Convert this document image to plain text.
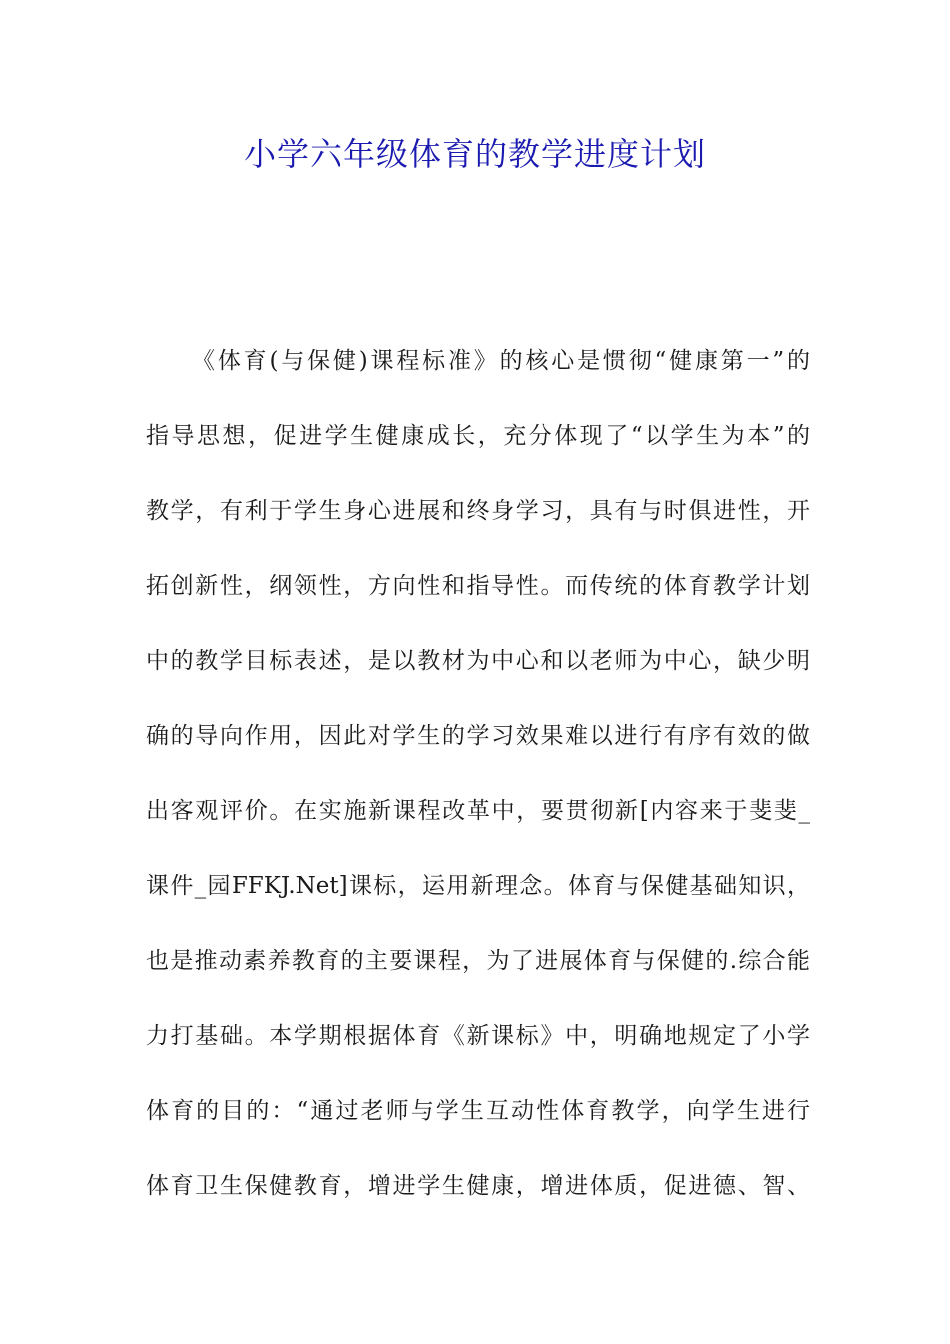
小学六年级体育的教学进度计划
《体育(与保健)课程标准》的核心是惯彻“健康第一”的
指导思想，促进学生健康成长，充分体现了“以学生为本”的
教学，有利于学生身心进展和终身学习，具有与时俱进性，开
拓创新性，纲领性，方向性和指导性。而传统的体育教学计划
中的教学目标表述，是以教材为中心和以老师为中心，缺少明
确的导向作用，因此对学生的学习效果难以进行有序有效的做
出客观评价。在实施新课程改革中，要贯彻新[内容来于斐斐_
课件_园FFKJ.Net]课标，运用新理念。体育与保健基础知识，
也是推动素养教育的主要课程，为了进展体育与保健的.综合能
力打基础。本学期根据体育《新课标》中，明确地规定了小学
体育的目的：“通过老师与学生互动性体育教学，向学生进行
体育卫生保健教育，增进学生健康，增进体质，促进德、智、
